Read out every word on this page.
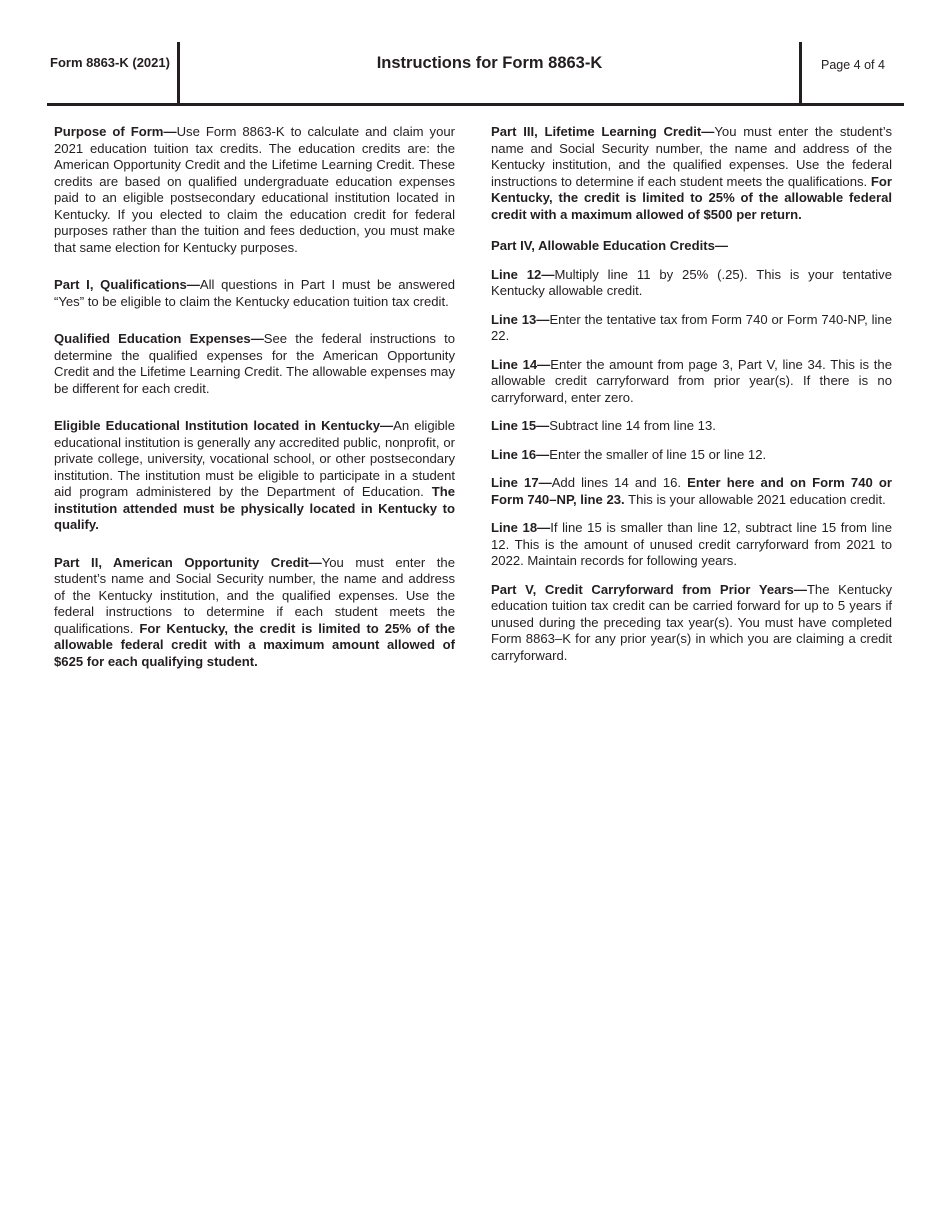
Form 8863-K (2021)	Instructions for Form 8863-K	Page 4 of 4

Purpose of Form—Use Form 8863-K to calculate and claim your 2021 education tuition tax credits. The education credits are: the American Opportunity Credit and the Lifetime Learning Credit. These credits are based on qualified undergraduate education expenses paid to an eligible postsecondary educational institution located in Kentucky. If you elected to claim the education credit for federal purposes rather than the tuition and fees deduction, you must make that same election for Kentucky purposes.

Part I, Qualifications—All questions in Part I must be answered “Yes” to be eligible to claim the Kentucky education tuition tax credit.

Qualified Education Expenses—See the federal instructions to determine the qualified expenses for the American Opportunity Credit and the Lifetime Learning Credit. The allowable expenses may be different for each credit.

Eligible Educational Institution located in Kentucky—An eligible educational institution is generally any accredited public, nonprofit, or private college, university, vocational school, or other postsecondary institution. The institution must be eligible to participate in a student aid program administered by the Department of Education. The institution attended must be physically located in Kentucky to qualify.

Part II, American Opportunity Credit—You must enter the student’s name and Social Security number, the name and address of the Kentucky institution, and the qualified expenses. Use the federal instructions to determine if each student meets the qualifications. For Kentucky, the credit is limited to 25% of the allowable federal credit with a maximum amount allowed of $625 for each qualifying student.

Part III, Lifetime Learning Credit—You must enter the student’s name and Social Security number, the name and address of the Kentucky institution, and the qualified expenses. Use the federal instructions to determine if each student meets the qualifications. For Kentucky, the credit is limited to 25% of the allowable federal credit with a maximum allowed of $500 per return.

Part IV, Allowable Education Credits—

Line 12—Multiply line 11 by 25% (.25). This is your tentative Kentucky allowable credit.

Line 13—Enter the tentative tax from Form 740 or Form 740-NP, line 22.

Line 14—Enter the amount from page 3, Part V, line 34. This is the allowable credit carryforward from prior year(s). If there is no carryforward, enter zero.

Line 15—Subtract line 14 from line 13.

Line 16—Enter the smaller of line 15 or line 12.

Line 17—Add lines 14 and 16. Enter here and on Form 740 or Form 740–NP, line 23. This is your allowable 2021 education credit.

Line 18—If line 15 is smaller than line 12, subtract line 15 from line 12. This is the amount of unused credit carryforward from 2021 to 2022. Maintain records for following years.

Part V, Credit Carryforward from Prior Years—The Kentucky education tuition tax credit can be carried forward for up to 5 years if unused during the preceding tax year(s). You must have completed Form 8863–K for any prior year(s) in which you are claiming a credit carryforward.
